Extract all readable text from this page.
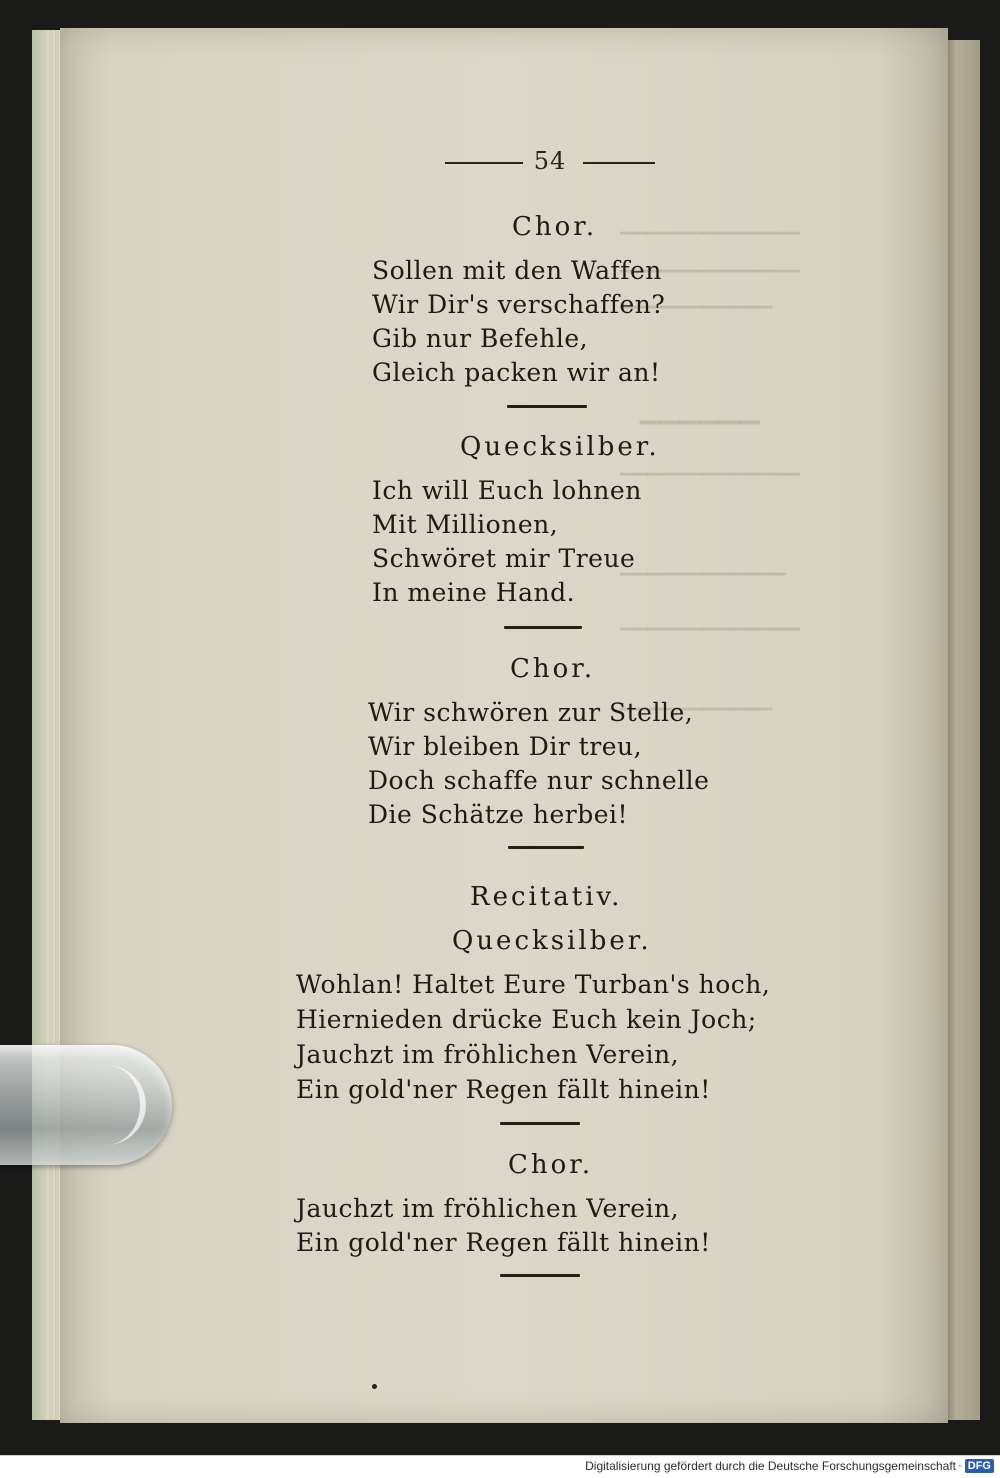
▁▁▁▁▁▁▁▁▁▁▁▁▁
▁▁▁▁▁▁▁▁▁▁▁▁▁
▁▁▁▁▁▁▁▁▁▁▁
▁▁▁▁▁▁
▁▁▁▁▁▁▁▁▁▁▁▁▁
▁▁▁▁▁▁▁▁▁▁▁▁
▁▁▁▁▁▁▁▁▁▁▁▁▁
▁▁▁▁▁▁▁▁▁▁▁
54
Chor.
Sollen mit den Waffen
Wir Dir's verschaffen?
Gib nur Befehle,
Gleich packen wir an!
Quecksilber.
Ich will Euch lohnen
Mit Millionen,
Schwöret mir Treue
In meine Hand.
Chor.
Wir schwören zur Stelle,
Wir bleiben Dir treu,
Doch schaffe nur schnelle
Die Schätze herbei!
Recitativ.
Quecksilber.
Wohlan! Haltet Eure Turban's hoch,
Hiernieden drücke Euch kein Joch;
Jauchzt im fröhlichen Verein,
Ein gold'ner Regen fällt hinein!
Chor.
Jauchzt im fröhlichen Verein,
Ein gold'ner Regen fällt hinein!
Digitalisierung gefördert durch die Deutsche Forschungsgemeinschaft · DFG
